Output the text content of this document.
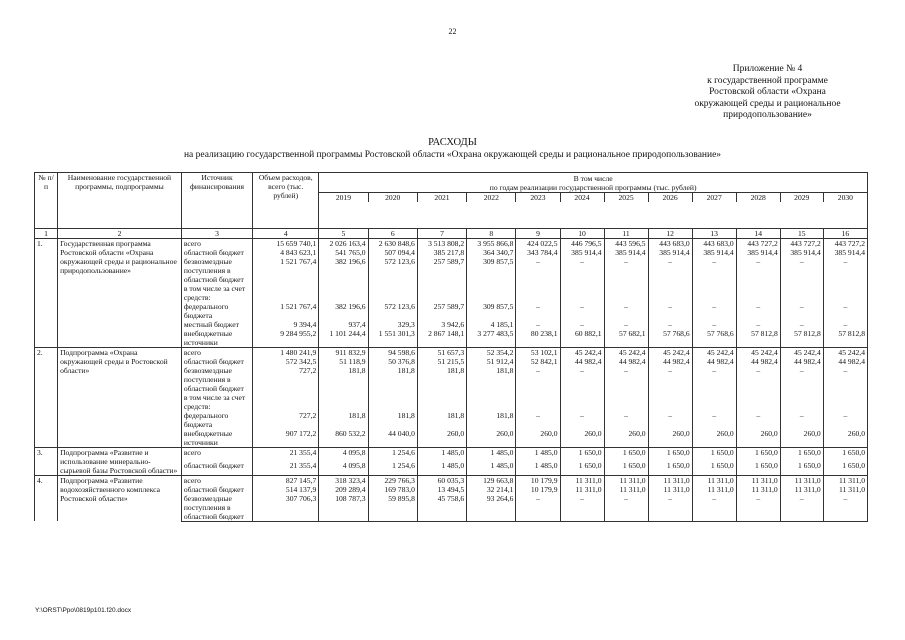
22
Приложение № 4
к государственной программе
Ростовской области «Охрана
окружающей среды и рациональное
природопользование»
РАСХОДЫ
на реализацию государственной программы Ростовской области «Охрана окружающей среды и рациональное природопользование»
№ п/п	Наименование государственной программы, подпрограммы	Источник финансирования	Объем расходов, всего (тыс. рублей)	В том числе
по годам реализации государственной программы (тыс. рублей)											

				2019	2020	2021	2022	2023	2024	2025	2026	2027	2028	2029	2030

1	2	3	4	5	6	7	8	9	10	11	12	13	14	15	16
1.	Государственная программа Ростовской области «Охрана окружающей среды и рациональное природопользование»	всего	15 659 740,1	2 026 163,4	2 630 848,6	3 513 808,2	3 955 866,8	424 022,5	446 796,5	443 596,5	443 683,0	443 683,0	443 727,2	443 727,2	443 727,2
		областной бюджет	4 843 623,1	541 765,0	507 094,4	385 217,8	364 340,7	343 784,4	385 914,4	385 914,4	385 914,4	385 914,4	385 914,4	385 914,4	385 914,4
		безвозмездные поступления в областной бюджет	1 521 767,4	382 196,6	572 123,6	257 589,7	309 857,5	–	–	–	–	–	–	–	–
		в том числе за счет средств:													
		федерального бюджета	1 521 767,4	382 196,6	572 123,6	257 589,7	309 857,5	–	–	–	–	–	–	–	–
		местный бюджет	9 394,4	937,4	329,3	3 942,6	4 185,1	–	–	–	–	–	–	–	–
		внебюджетные источники	9 284 955,2	1 101 244,4	1 551 301,3	2 867 148,1	3 277 483,5	80 238,1	60 882,1	57 682,1	57 768,6	57 768,6	57 812,8	57 812,8	57 812,8
2.	Подпрограмма «Охрана окружающей среды в Ростовской области»	всего	1 480 241,9	911 832,9	94 598,6	51 657,3	52 354,2	53 102,1	45 242,4	45 242,4	45 242,4	45 242,4	45 242,4	45 242,4	45 242,4
		областной бюджет	572 342,5	51 118,9	50 376,8	51 215,5	51 912,4	52 842,1	44 982,4	44 982,4	44 982,4	44 982,4	44 982,4	44 982,4	44 982,4
		безвозмездные поступления в областной бюджет	727,2	181,8	181,8	181,8	181,8	–	–	–	–	–	–	–	–
		в том числе за счет средств:													
		федерального бюджета	727,2	181,8	181,8	181,8	181,8	–	–	–	–	–	–	–	–
		внебюджетные источники	907 172,2	860 532,2	44 040,0	260,0	260,0	260,0	260,0	260,0	260,0	260,0	260,0	260,0	260,0
3.	Подпрограмма «Развитие и использование минерально-сырьевой базы Ростовской области»	всего	21 355,4	4 095,8	1 254,6	1 485,0	1 485,0	1 485,0	1 650,0	1 650,0	1 650,0	1 650,0	1 650,0	1 650,0	1 650,0
		областной бюджет	21 355,4	4 095,8	1 254,6	1 485,0	1 485,0	1 485,0	1 650,0	1 650,0	1 650,0	1 650,0	1 650,0	1 650,0	1 650,0
4.	Подпрограмма «Развитие водохозяйственного комплекса Ростовской области»	всего	827 145,7	318 323,4	229 766,3	60 035,3	129 663,8	10 179,9	11 311,0	11 311,0	11 311,0	11 311,0	11 311,0	11 311,0	11 311,0
		областной бюджет	514 137,9	209 289,4	169 783,0	13 494,5	32 214,1	10 179,9	11 311,0	11 311,0	11 311,0	11 311,0	11 311,0	11 311,0	11 311,0
		безвозмездные поступления в областной бюджет	307 706,3	108 787,3	59 895,8	45 758,6	93 264,6	–	–	–	–	–	–	–	–
Y:\ORST\Ppo\0819p101.f20.docx
